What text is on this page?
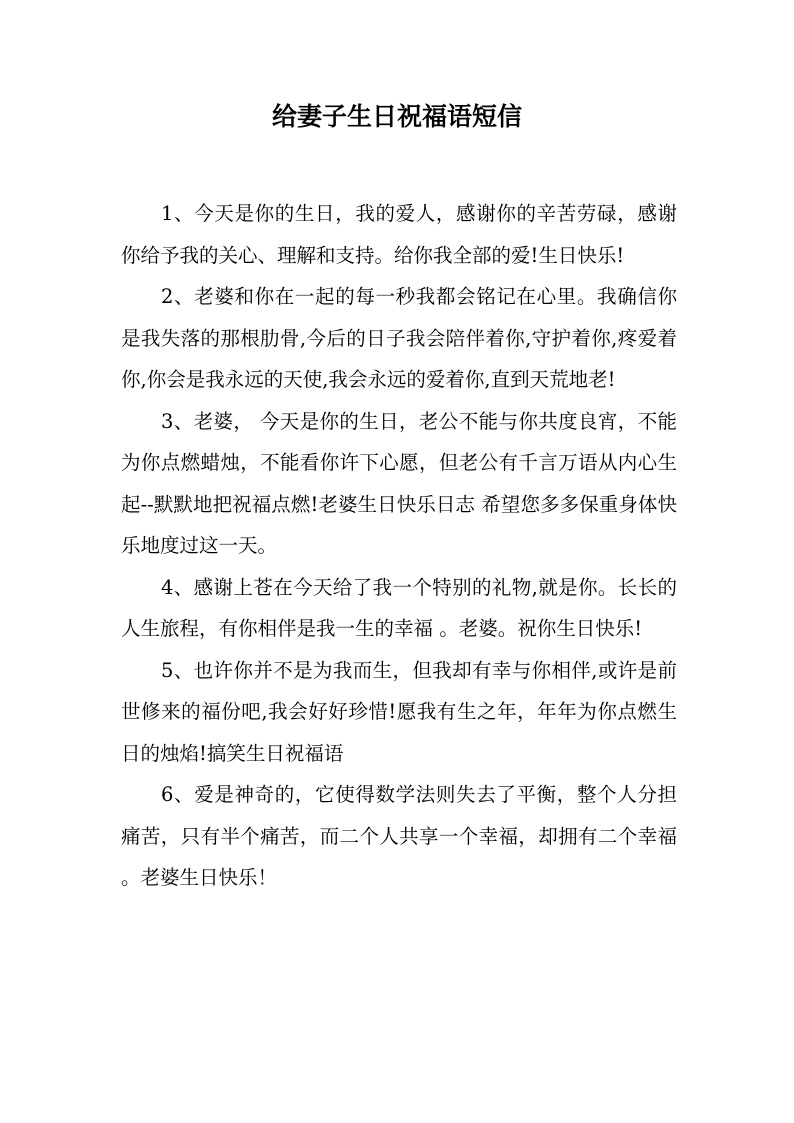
给妻子生日祝福语短信

1、今天是你的生日，我的爱人，感谢你的辛苦劳碌，感谢你给予我的关心、理解和支持。给你我全部的爱!生日快乐!

2、老婆和你在一起的每一秒我都会铭记在心里。我确信你是我失落的那根肋骨,今后的日子我会陪伴着你,守护着你,疼爱着你,你会是我永远的天使,我会永远的爱着你,直到天荒地老!

3、老婆， 今天是你的生日，老公不能与你共度良宵，不能为你点燃蜡烛，不能看你许下心愿，但老公有千言万语从内心生起--默默地把祝福点燃!老婆生日快乐日志 希望您多多保重身体快乐地度过这一天。

4、感谢上苍在今天给了我一个特别的礼物,就是你。长长的人生旅程，有你相伴是我一生的幸福 。老婆。祝你生日快乐!

5、也许你并不是为我而生，但我却有幸与你相伴,或许是前世修来的福份吧,我会好好珍惜!愿我有生之年，年年为你点燃生日的烛焰!搞笑生日祝福语

6、爱是神奇的，它使得数学法则失去了平衡，整个人分担痛苦，只有半个痛苦，而二个人共享一个幸福，却拥有二个幸福。老婆生日快乐！
